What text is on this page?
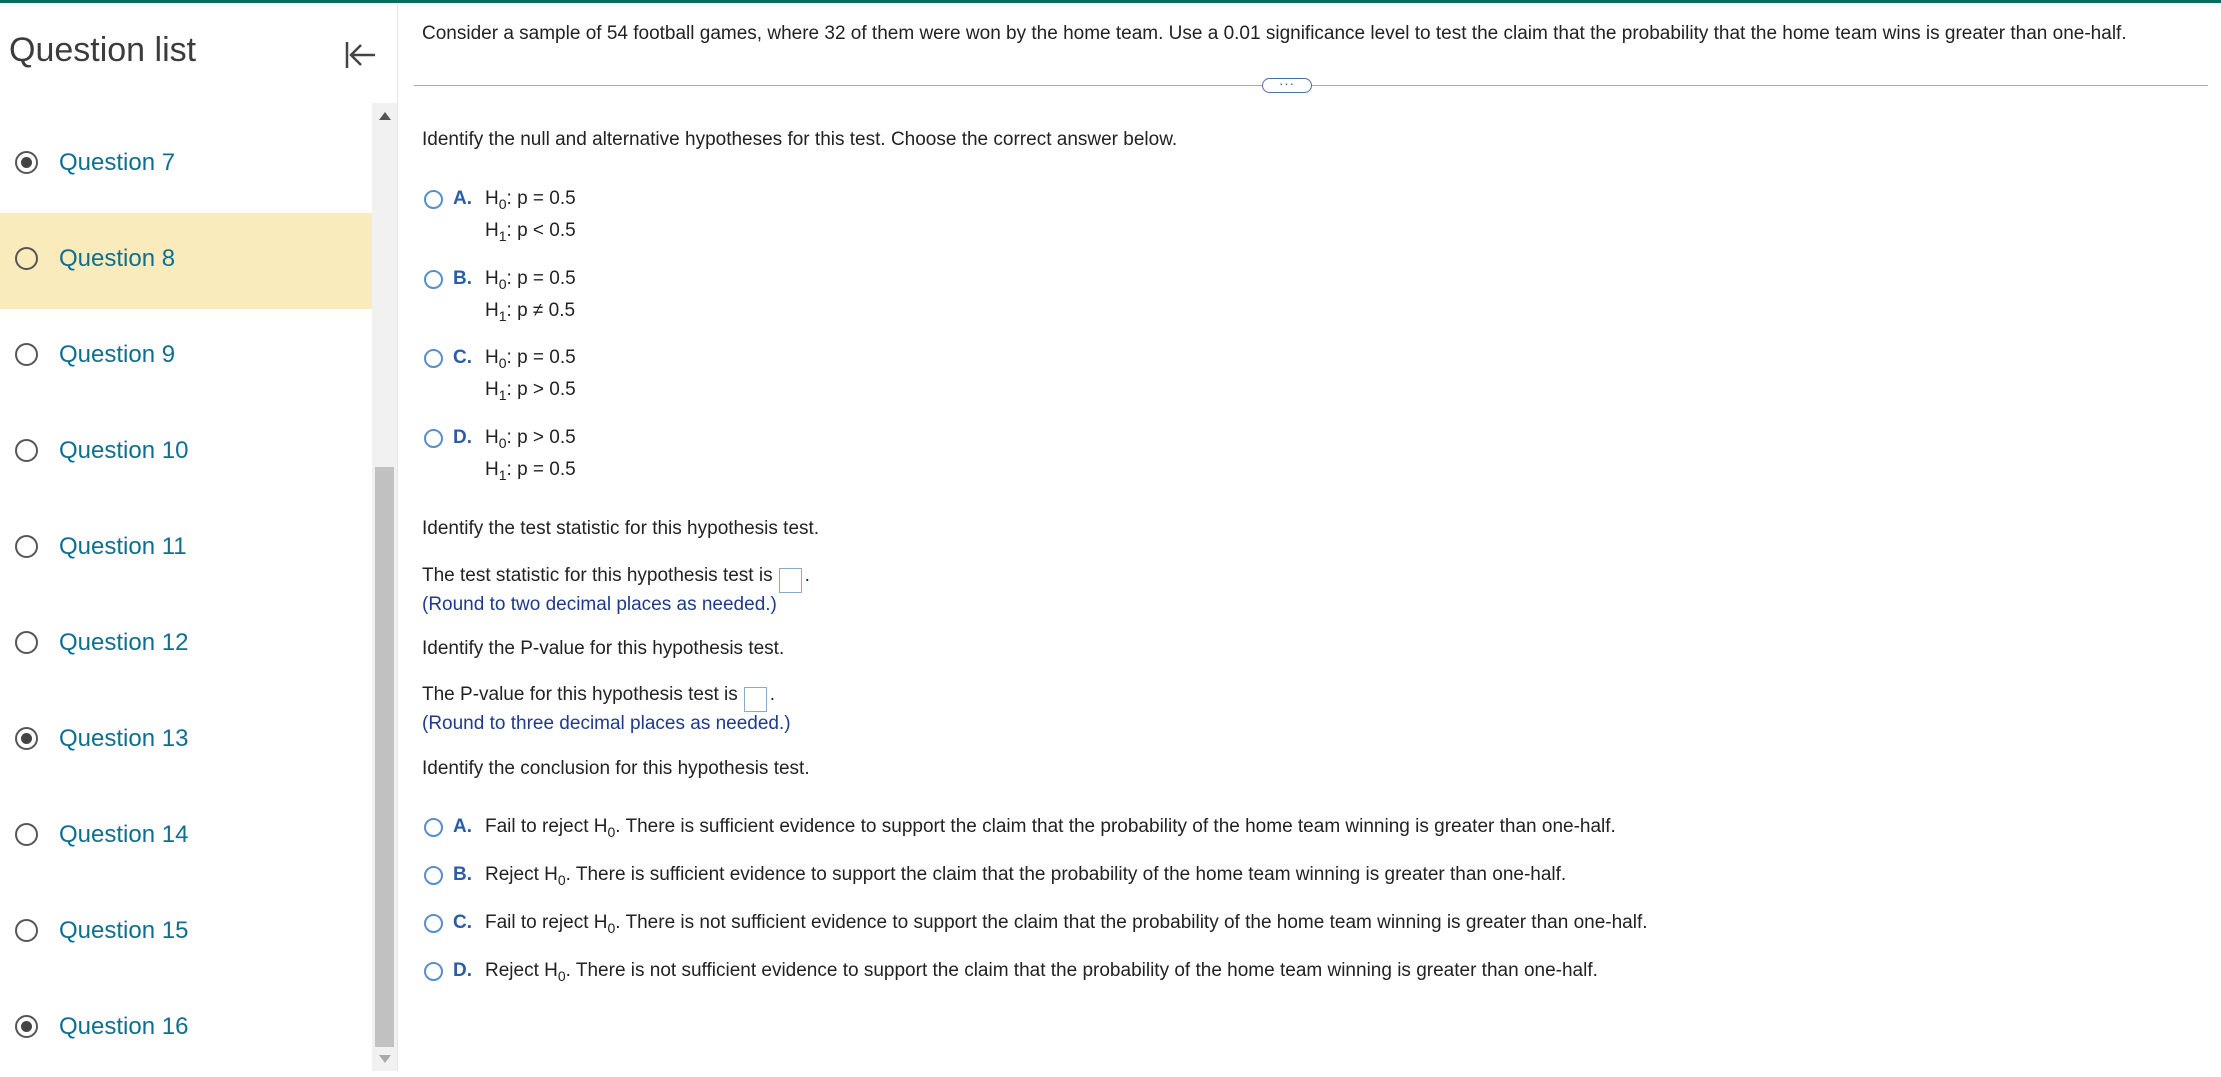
Question list
Question 7
Question 8
Question 9
Question 10
Question 11
Question 12
Question 13
Question 14
Question 15
Question 16
Consider a sample of 54 football games, where 32 of them were won by the home team. Use a 0.01 significance level to test the claim that the probability that the home team wins is greater than one-half.
···
Identify the null and alternative hypotheses for this test. Choose the correct answer below.
A. $H_0$: p = 0.5
$H_1$: p < 0.5
B. $H_0$: p = 0.5
$H_1$: p ≠ 0.5
C. $H_0$: p = 0.5
$H_1$: p > 0.5
D. $H_0$: p > 0.5
$H_1$: p = 0.5
Identify the test statistic for this hypothesis test.
The test statistic for this hypothesis test is .
(Round to two decimal places as needed.)
Identify the P-value for this hypothesis test.
The P-value for this hypothesis test is .
(Round to three decimal places as needed.)
Identify the conclusion for this hypothesis test.
A. Fail to reject $H_0$. There is sufficient evidence to support the claim that the probability of the home team winning is greater than one-half.
B. Reject $H_0$. There is sufficient evidence to support the claim that the probability of the home team winning is greater than one-half.
C. Fail to reject $H_0$. There is not sufficient evidence to support the claim that the probability of the home team winning is greater than one-half.
D. Reject $H_0$. There is not sufficient evidence to support the claim that the probability of the home team winning is greater than one-half.
